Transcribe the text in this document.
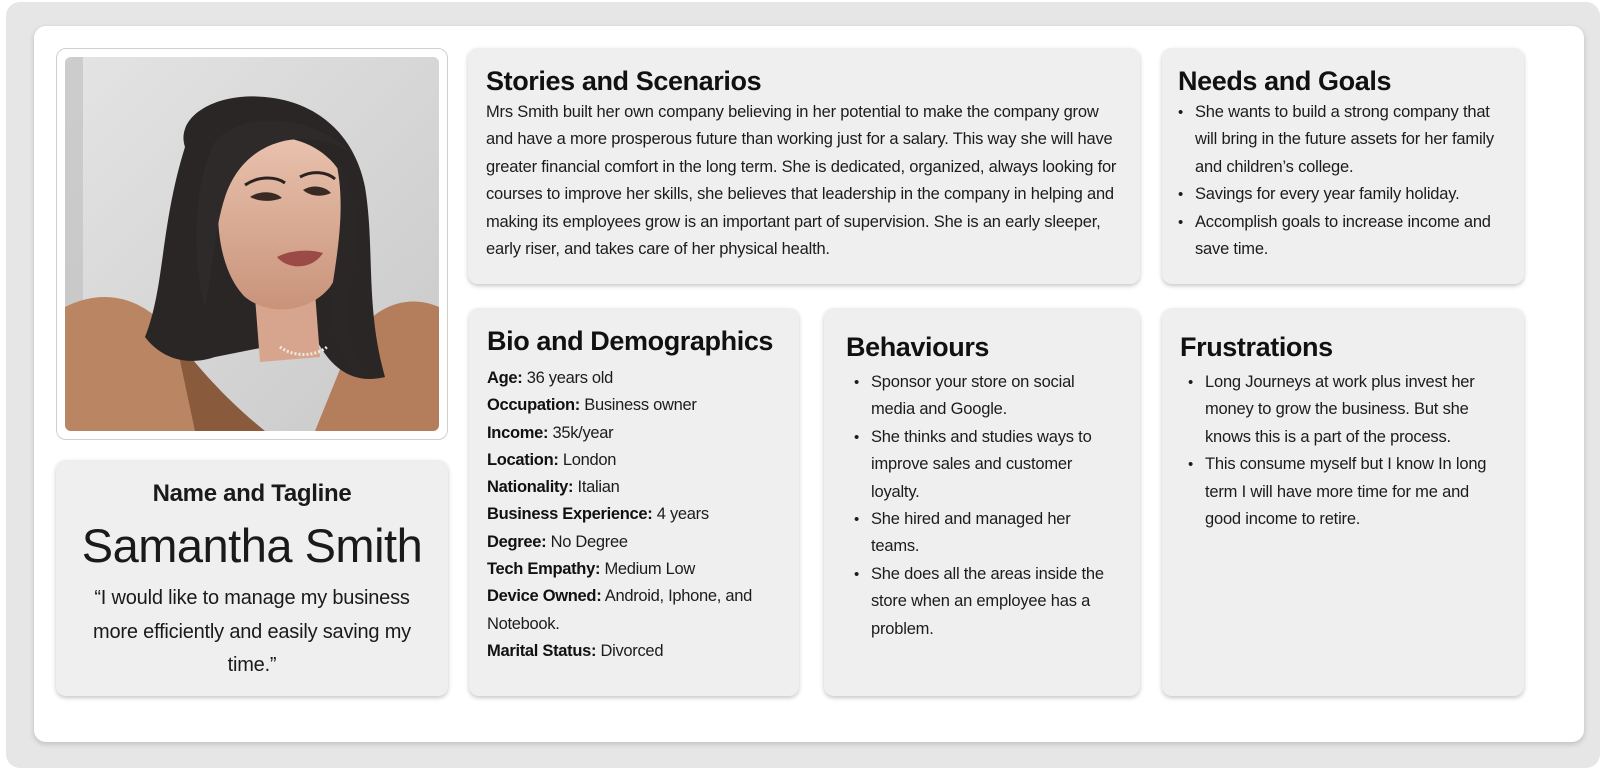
Name and Tagline
Samantha Smith
“I would like to manage my business more efficiently and easily saving my time.”
Stories and Scenarios

Mrs Smith built her own company believing in her potential to make the company grow and have a more prosperous future than working just for a salary. This way she will have greater financial comfort in the long term. She is dedicated, organized, always looking for courses to improve her skills, she believes that leadership in the company in helping and making its employees grow is an important part of supervision. She is an early sleeper, early riser, and takes care of her physical health.

Needs and Goals
• She wants to build a strong company that will bring in the future assets for her family and children’s college.
• Savings for every year family holiday.
• Accomplish goals to increase income and save time.
Bio and Demographics
Age: 36 years old
Occupation: Business owner
Income: 35k/year
Location: London
Nationality: Italian
Business Experience: 4 years
Degree: No Degree
Tech Empathy: Medium Low
Device Owned: Android, Iphone, and Notebook.
Marital Status: Divorced
Behaviours
• Sponsor your store on social media and Google.
• She thinks and studies ways to improve sales and customer loyalty.
• She hired and managed her teams.
• She does all the areas inside the store when an employee has a problem.
Frustrations
• Long Journeys at work plus invest her money to grow the business. But she knows this is a part of the process.
• This consume myself but I know In long term I will have more time for me and good income to retire.
